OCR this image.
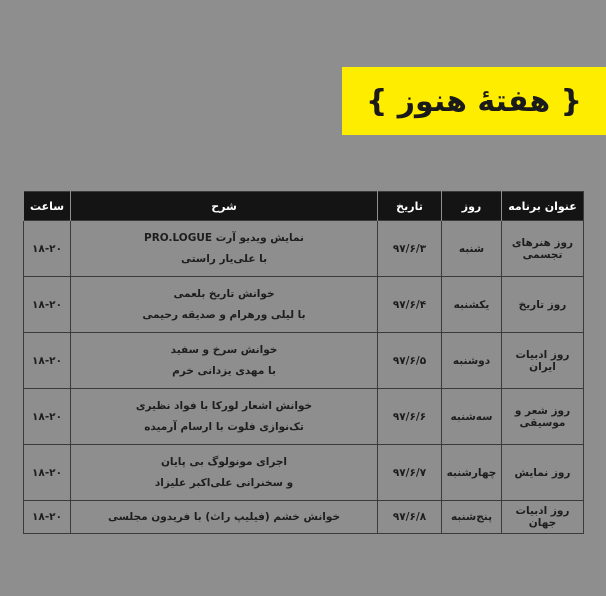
{ هفتهٔ هنوز }
عنوان برنامه	روز	تاریخ	شرح	ساعت
روز هنرهای تجسمی	شنبه	۹۷/۶/۳	نمایش ویدیو آرت PRO.LOGUE
با علی‌یار راستی	۱۸-۲۰
روز تاریخ	یکشنبه	۹۷/۶/۴	خوانش تاریخ بلعمی
با لیلی ورهرام و صدیقه رحیمی	۱۸-۲۰
روز ادبیات ایران	دوشنبه	۹۷/۶/۵	خوانش سرخ و سفید
با مهدی یزدانی خرم	۱۸-۲۰
روز شعر و موسیقی	سه‌شنبه	۹۷/۶/۶	خوانش اشعار لورکا با فواد نظیری
تک‌نوازی فلوت با ارسام آرمیده	۱۸-۲۰
روز نمایش	چهارشنبه	۹۷/۶/۷	اجرای مونولوگ بی پایان
و سخنرانی علی‌اکبر علیزاد	۱۸-۲۰
روز ادبیات جهان	پنج‌شنبه	۹۷/۶/۸	خوانش خشم (فیلیپ راث) با فریدون مجلسی	۱۸-۲۰
